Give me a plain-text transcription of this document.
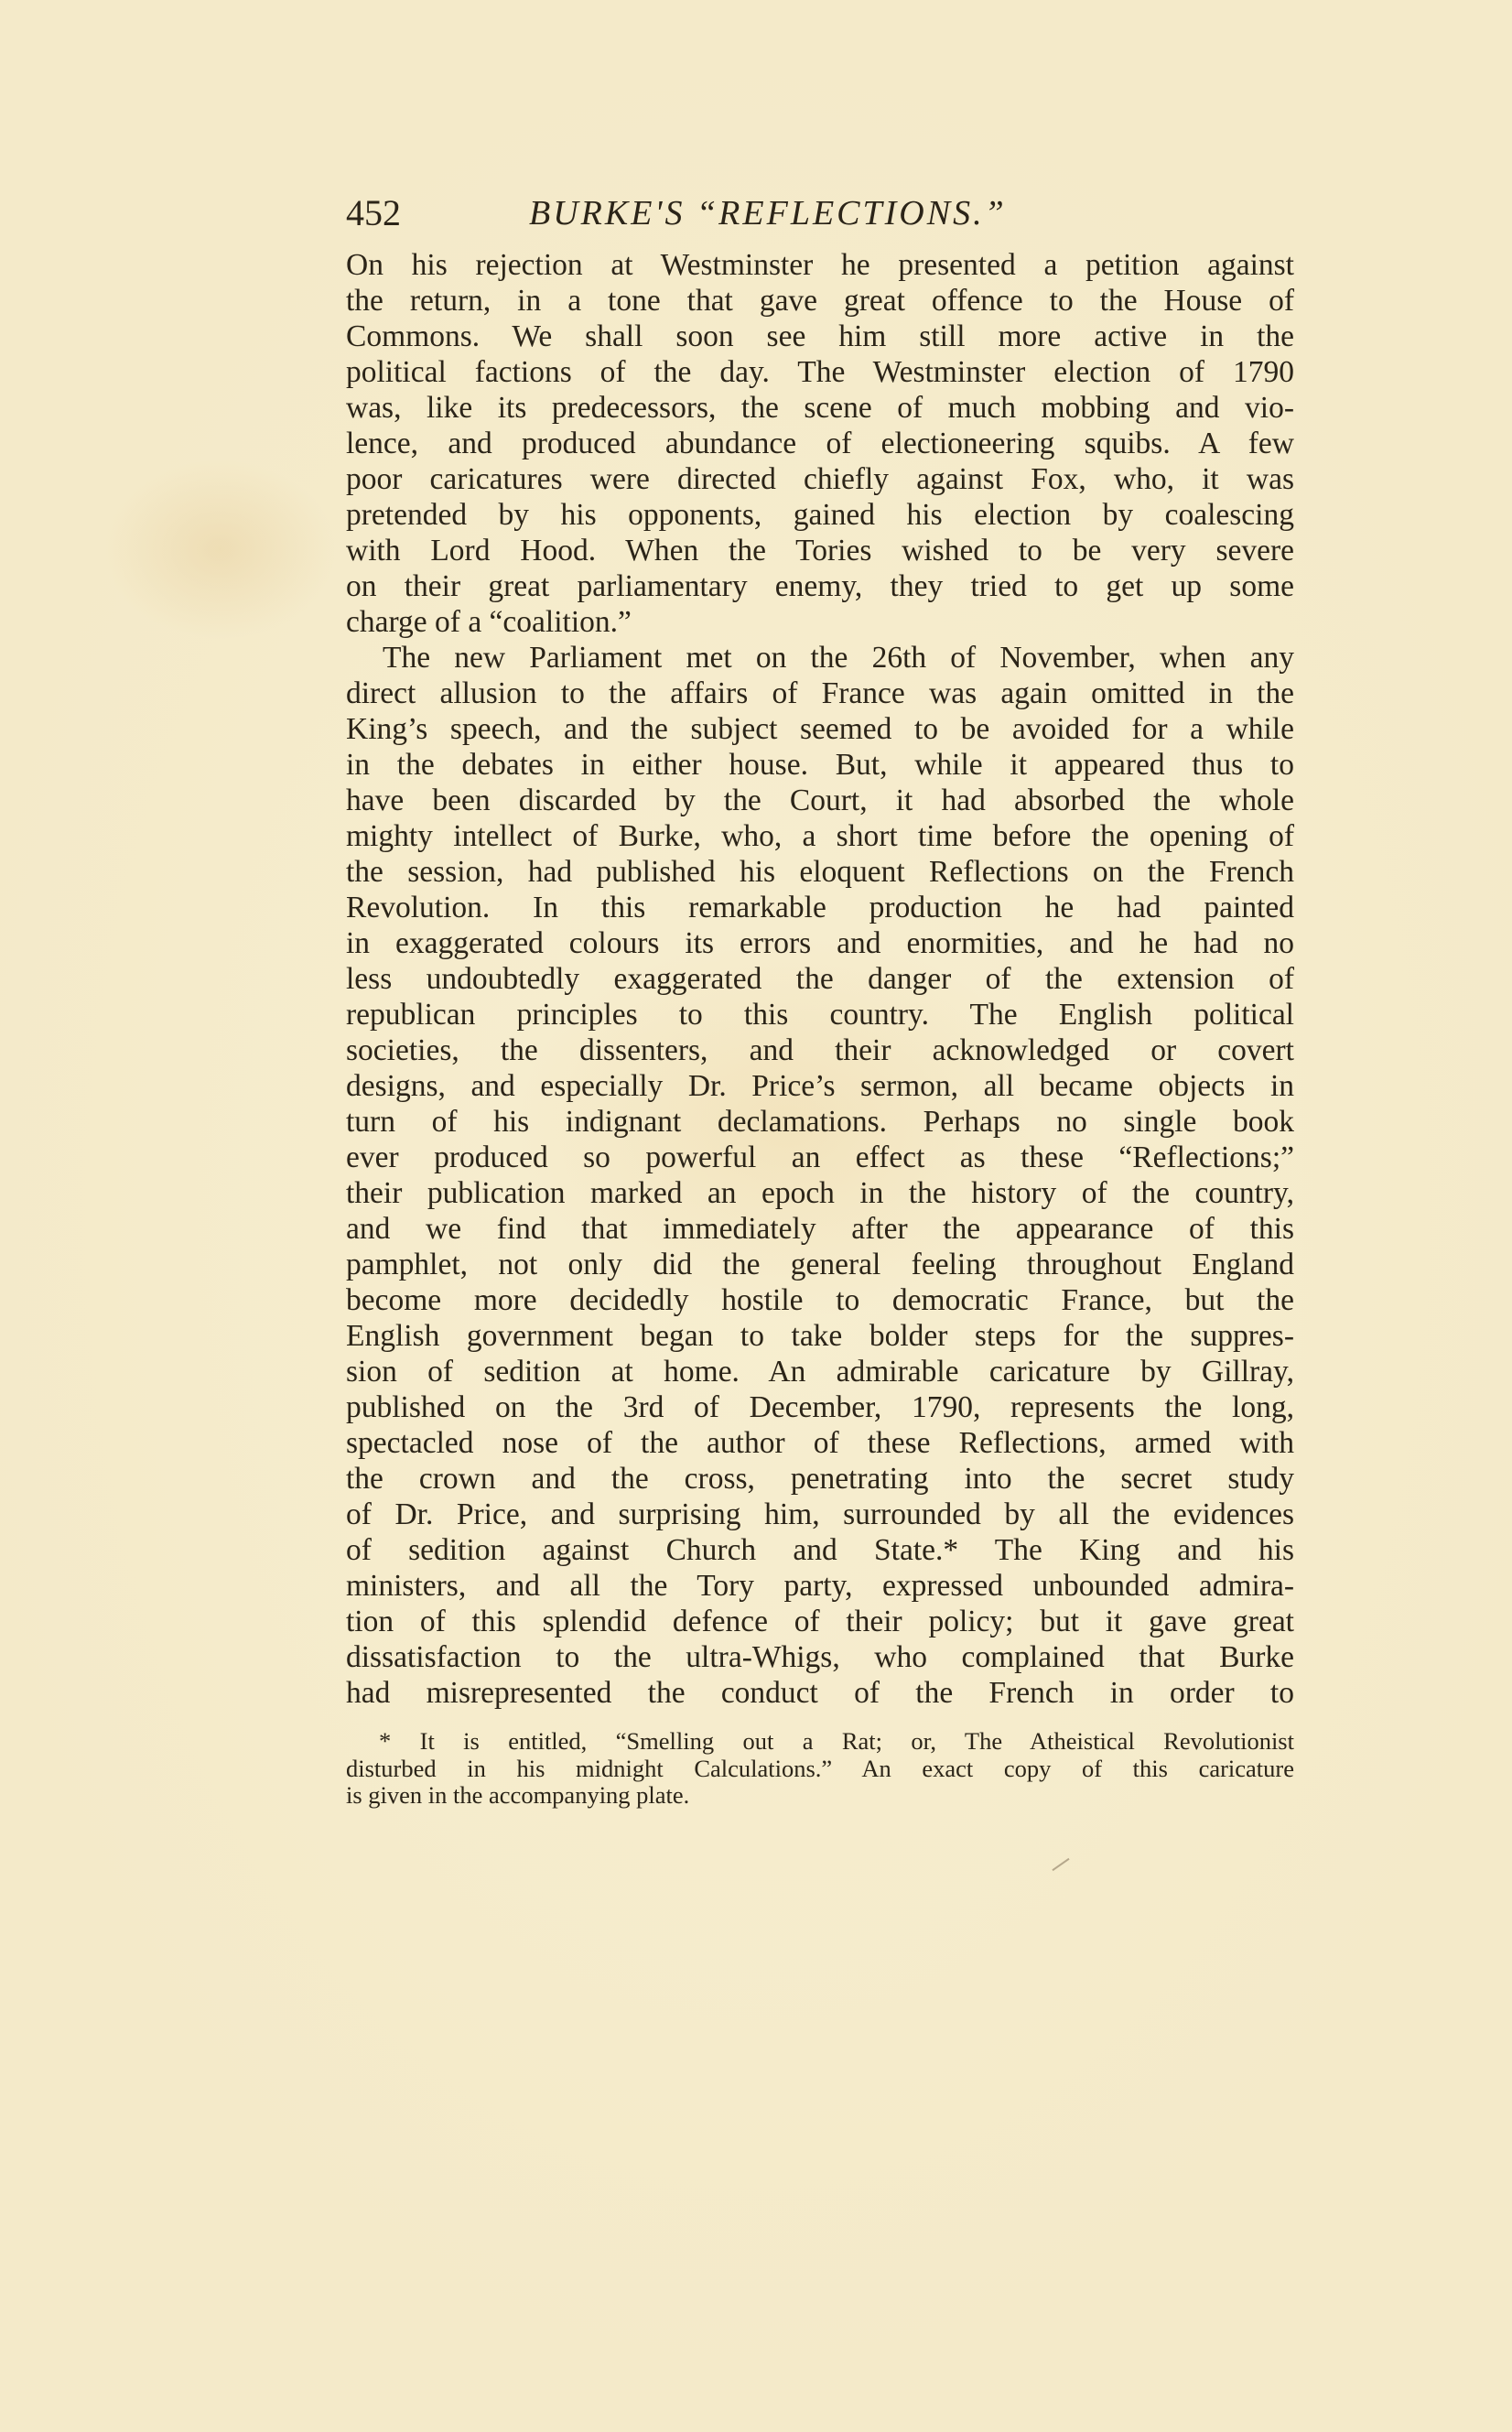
452	BURKE'S “REFLECTIONS.”
On his rejection at Westminster he presented a petition against
the return, in a tone that gave great offence to the House of
Commons. We shall soon see him still more active in the
political factions of the day. The Westminster election of 1790
was, like its predecessors, the scene of much mobbing and vio-
lence, and produced abundance of electioneering squibs. A few
poor caricatures were directed chiefly against Fox, who, it was
pretended by his opponents, gained his election by coalescing
with Lord Hood. When the Tories wished to be very severe
on their great parliamentary enemy, they tried to get up some
charge of a “coalition.”
The new Parliament met on the 26th of November, when any
direct allusion to the affairs of France was again omitted in the
King’s speech, and the subject seemed to be avoided for a while
in the debates in either house. But, while it appeared thus to
have been discarded by the Court, it had absorbed the whole
mighty intellect of Burke, who, a short time before the opening of
the session, had published his eloquent Reflections on the French
Revolution. In this remarkable production he had painted
in exaggerated colours its errors and enormities, and he had no
less undoubtedly exaggerated the danger of the extension of
republican principles to this country. The English political
societies, the dissenters, and their acknowledged or covert
designs, and especially Dr. Price’s sermon, all became objects in
turn of his indignant declamations. Perhaps no single book
ever produced so powerful an effect as these “Reflections;”
their publication marked an epoch in the history of the country,
and we find that immediately after the appearance of this
pamphlet, not only did the general feeling throughout England
become more decidedly hostile to democratic France, but the
English government began to take bolder steps for the suppres-
sion of sedition at home. An admirable caricature by Gillray,
published on the 3rd of December, 1790, represents the long,
spectacled nose of the author of these Reflections, armed with
the crown and the cross, penetrating into the secret study
of Dr. Price, and surprising him, surrounded by all the evidences
of sedition against Church and State.* The King and his
ministers, and all the Tory party, expressed unbounded admira-
tion of this splendid defence of their policy; but it gave great
dissatisfaction to the ultra-Whigs, who complained that Burke
had misrepresented the conduct of the French in order to
* It is entitled, “Smelling out a Rat; or, The Atheistical Revolutionist
disturbed in his midnight Calculations.” An exact copy of this caricature
is given in the accompanying plate.
